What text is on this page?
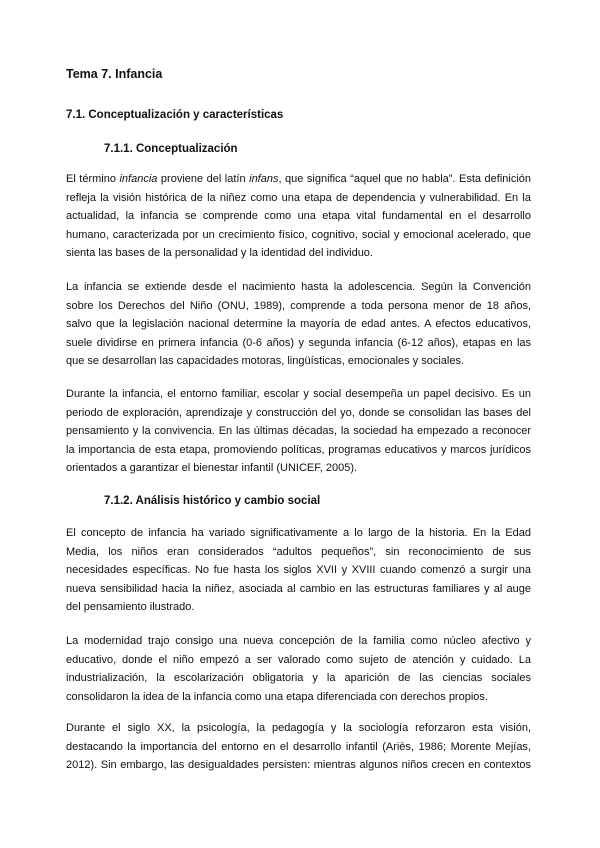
Tema 7. Infancia
7.1. Conceptualización y características
7.1.1. Conceptualización
El término infancia proviene del latín infans, que significa “aquel que no habla”. Esta definición
refleja la visión histórica de la niñez como una etapa de dependencia y vulnerabilidad. En la
actualidad, la infancia se comprende como una etapa vital fundamental en el desarrollo
humano, caracterizada por un crecimiento físico, cognitivo, social y emocional acelerado, que
sienta las bases de la personalidad y la identidad del individuo.
La infancia se extiende desde el nacimiento hasta la adolescencia. Según la Convención
sobre los Derechos del Niño (ONU, 1989), comprende a toda persona menor de 18 años,
salvo que la legislación nacional determine la mayoría de edad antes. A efectos educativos,
suele dividirse en primera infancia (0-6 años) y segunda infancia (6-12 años), etapas en las
que se desarrollan las capacidades motoras, lingüísticas, emocionales y sociales.
Durante la infancia, el entorno familiar, escolar y social desempeña un papel decisivo. Es un
periodo de exploración, aprendizaje y construcción del yo, donde se consolidan las bases del
pensamiento y la convivencia. En las últimas décadas, la sociedad ha empezado a reconocer
la importancia de esta etapa, promoviendo políticas, programas educativos y marcos jurídicos
orientados a garantizar el bienestar infantil (UNICEF, 2005).
7.1.2. Análisis histórico y cambio social
El concepto de infancia ha variado significativamente a lo largo de la historia. En la Edad
Media, los niños eran considerados “adultos pequeños”, sin reconocimiento de sus
necesidades específicas. No fue hasta los siglos XVII y XVIII cuando comenzó a surgir una
nueva sensibilidad hacia la niñez, asociada al cambio en las estructuras familiares y al auge
del pensamiento ilustrado.
La modernidad trajo consigo una nueva concepción de la familia como núcleo afectivo y
educativo, donde el niño empezó a ser valorado como sujeto de atención y cuidado. La
industrialización, la escolarización obligatoria y la aparición de las ciencias sociales
consolidaron la idea de la infancia como una etapa diferenciada con derechos propios.
Durante el siglo XX, la psicología, la pedagogía y la sociología reforzaron esta visión,
destacando la importancia del entorno en el desarrollo infantil (Ariès, 1986; Morente Mejías,
2012). Sin embargo, las desigualdades persisten: mientras algunos niños crecen en contextos
